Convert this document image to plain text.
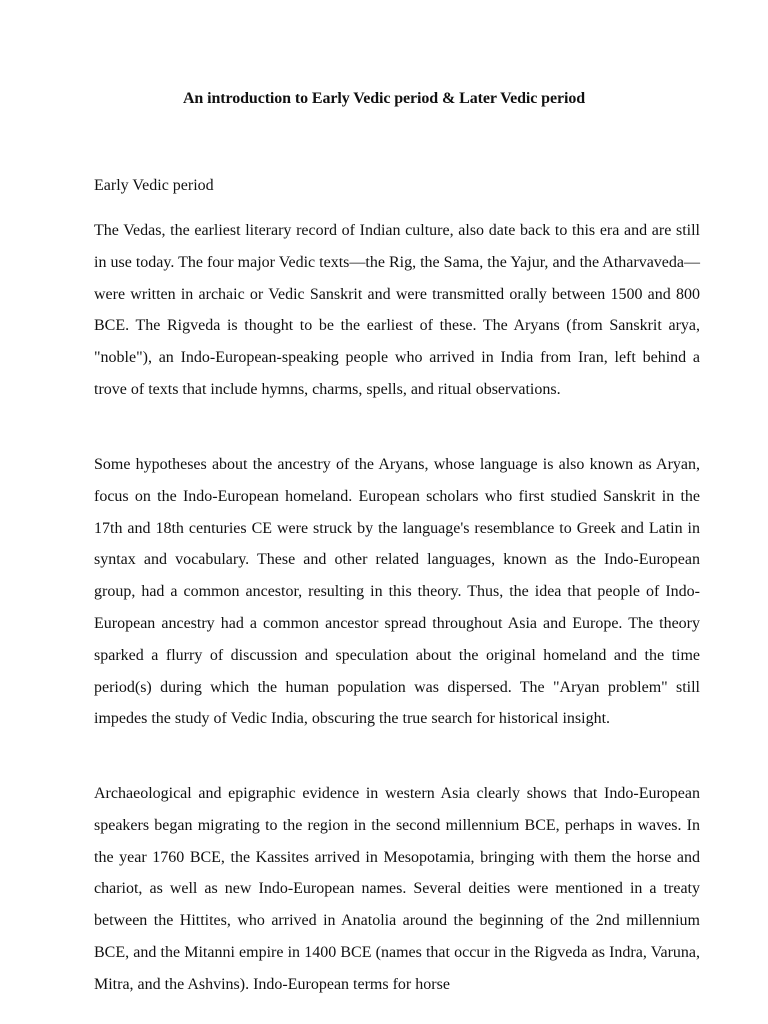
An introduction to Early Vedic period & Later Vedic period
Early Vedic period

The Vedas, the earliest literary record of Indian culture, also date back to this era and are still in use today. The four major Vedic texts—the Rig, the Sama, the Yajur, and the Atharvaveda—were written in archaic or Vedic Sanskrit and were transmitted orally between 1500 and 800 BCE. The Rigveda is thought to be the earliest of these. The Aryans (from Sanskrit arya, "noble"), an Indo-European-speaking people who arrived in India from Iran, left behind a trove of texts that include hymns, charms, spells, and ritual observations.

Some hypotheses about the ancestry of the Aryans, whose language is also known as Aryan, focus on the Indo-European homeland. European scholars who first studied Sanskrit in the 17th and 18th centuries CE were struck by the language's resemblance to Greek and Latin in syntax and vocabulary. These and other related languages, known as the Indo-European group, had a common ancestor, resulting in this theory. Thus, the idea that people of Indo-European ancestry had a common ancestor spread throughout Asia and Europe. The theory sparked a flurry of discussion and speculation about the original homeland and the time period(s) during which the human population was dispersed. The "Aryan problem" still impedes the study of Vedic India, obscuring the true search for historical insight.

Archaeological and epigraphic evidence in western Asia clearly shows that Indo-European speakers began migrating to the region in the second millennium BCE, perhaps in waves. In the year 1760 BCE, the Kassites arrived in Mesopotamia, bringing with them the horse and chariot, as well as new Indo-European names. Several deities were mentioned in a treaty between the Hittites, who arrived in Anatolia around the beginning of the 2nd millennium BCE, and the Mitanni empire in 1400 BCE (names that occur in the Rigveda as Indra, Varuna, Mitra, and the Ashvins). Indo-European terms for horse
